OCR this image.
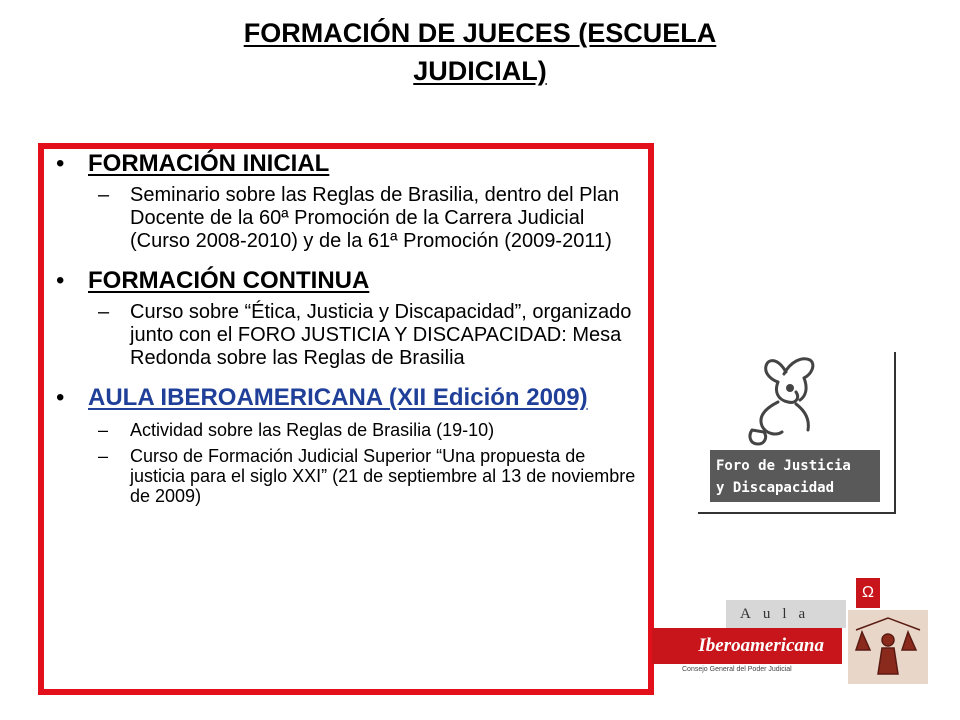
FORMACIÓN DE JUECES (ESCUELA
JUDICIAL)
• FORMACIÓN INICIAL
– Seminario sobre las Reglas de Brasilia, dentro del Plan Docente de la 60ª Promoción de la Carrera Judicial (Curso 2008-2010) y de la 61ª Promoción (2009-2011)
• FORMACIÓN CONTINUA
– Curso sobre “Ética, Justicia y Discapacidad”, organizado junto con el FORO JUSTICIA Y DISCAPACIDAD: Mesa Redonda sobre las Reglas de Brasilia
• AULA IBEROAMERICANA (XII Edición 2009)
– Actividad sobre las Reglas de Brasilia (19-10)
– Curso de Formación Judicial Superior “Una propuesta de justicia para el siglo XXI” (21 de septiembre al 13 de noviembre de 2009)
Foro de Justicia
y Discapacidad
Ω
Aula
Iberoamericana
Consejo General del Poder Judicial
